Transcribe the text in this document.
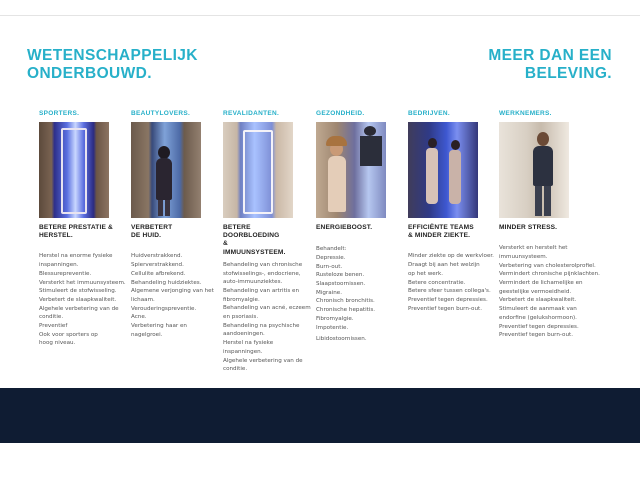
WETENSCHAPPELIJK
ONDERBOUWD.
MEER DAN EEN
BELEVING.
SPORTERS.
BETERE PRESTATIE &
HERSTEL.
Herstel na enorme fysieke
inspanningen.
Blessurepreventie.
Versterkt het immuunsysteem.
Stimuleert de stofwisseling.
Verbetert de slaapkwaliteit.
Algehele verbetering van de
conditie.
Preventief
Ook voor sporters op
hoog niveau.
BEAUTYLOVERS.
VERBETERT
DE HUID.
Huidverstrakkend.
Spierverstrakkend.
Cellulite afbrekend.
Behandeling huidziektes.
Algemene verjonging van het
lichaam.
Verouderingspreventie.
Acne.
Verbetering haar en
nagelgroei.
REVALIDANTEN.
BETERE DOORBLOEDING
&
IMMUUNSYSTEEM.
Behandeling van chronische
stofwisselings-, endocriene,
auto-immuunziektes.
Behandeling van artritis en
fibromyalgie.
Behandeling van acné, eczeem
en psoriasis.
Behandeling na psychische
aandoeningen.
Herstel na fysieke
inspanningen.
Algehele verbetering van de
conditie.
GEZONDHEID.
ENERGIEBOOST.
Behandelt:
Depressie.
Burn-out.
Rusteloze benen.
Slaapstoornissen.
Migraine.
Chronisch bronchitis.
Chronische hepatitis.
Fibromyalgie.
Impotentie.
Libidostoornissen.
BEDRIJVEN.
EFFICIËNTE TEAMS
& MINDER ZIEKTE.
Minder ziekte op de werkvloer.
Draagt bij aan het welzijn
op het werk.
Betere concentratie.
Betere sfeer tussen collega's.
Preventief tegen depressies.
Preventief tegen burn-out.
WERKNEMERS.
MINDER STRESS.
Versterkt en herstelt het
immuunsysteem.
Verbetering van cholesterolprofiel.
Vermindert chronische pijnklachten.
Vermindert de lichamelijke en
geestelijke vermoeidheid.
Verbetert de slaapkwaliteit.
Stimuleert de aanmaak van
endorfine (gelukshormoon).
Preventief tegen depressies.
Preventief tegen burn-out.
